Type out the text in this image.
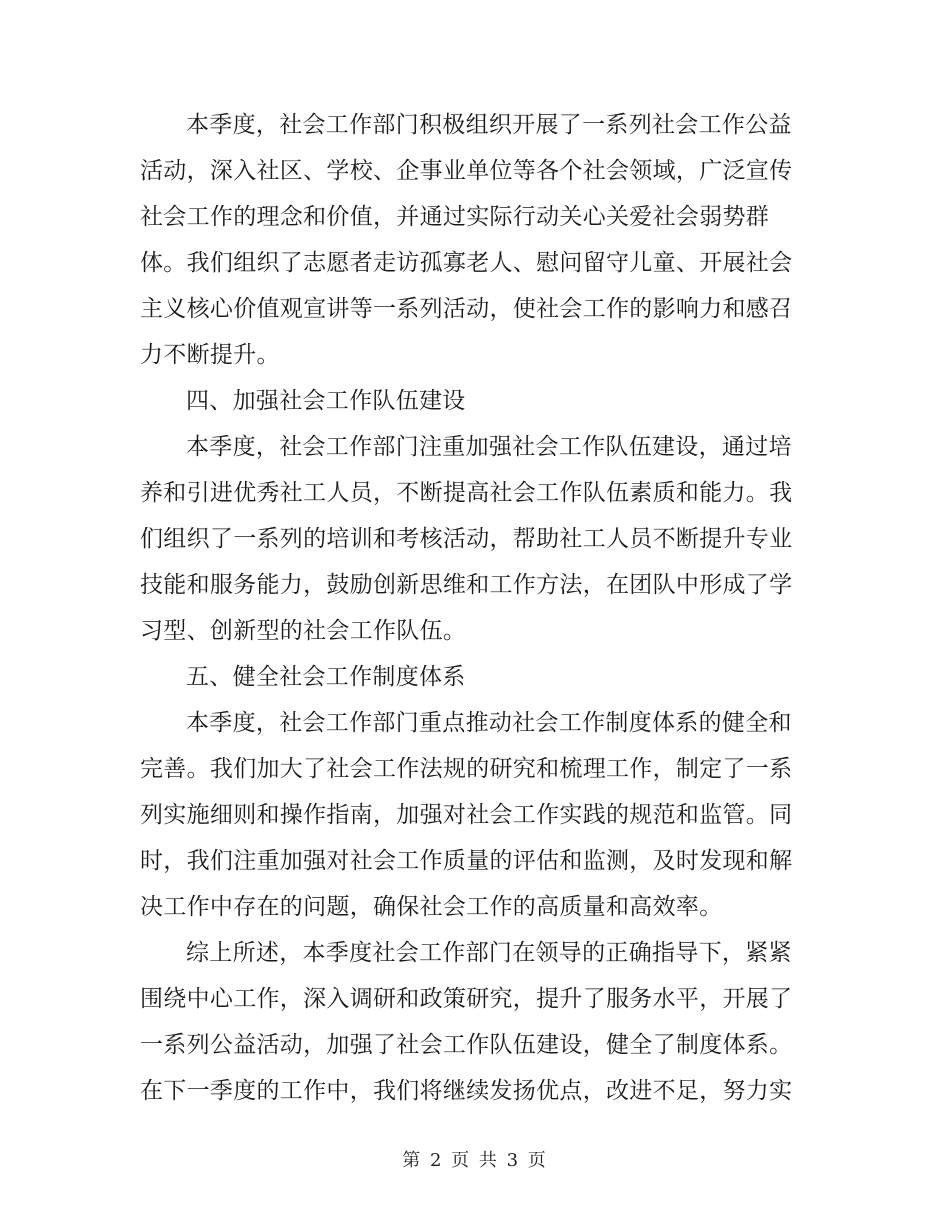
本季度，社会工作部门积极组织开展了一系列社会工作公益
活动，深入社区、学校、企事业单位等各个社会领域，广泛宣传
社会工作的理念和价值，并通过实际行动关心关爱社会弱势群
体。我们组织了志愿者走访孤寡老人、慰问留守儿童、开展社会
主义核心价值观宣讲等一系列活动，使社会工作的影响力和感召
力不断提升。
四、加强社会工作队伍建设
本季度，社会工作部门注重加强社会工作队伍建设，通过培
养和引进优秀社工人员，不断提高社会工作队伍素质和能力。我
们组织了一系列的培训和考核活动，帮助社工人员不断提升专业
技能和服务能力，鼓励创新思维和工作方法，在团队中形成了学
习型、创新型的社会工作队伍。
五、健全社会工作制度体系
本季度，社会工作部门重点推动社会工作制度体系的健全和
完善。我们加大了社会工作法规的研究和梳理工作，制定了一系
列实施细则和操作指南，加强对社会工作实践的规范和监管。同
时，我们注重加强对社会工作质量的评估和监测，及时发现和解
决工作中存在的问题，确保社会工作的高质量和高效率。
综上所述，本季度社会工作部门在领导的正确指导下，紧紧
围绕中心工作，深入调研和政策研究，提升了服务水平，开展了
一系列公益活动，加强了社会工作队伍建设，健全了制度体系。
在下一季度的工作中，我们将继续发扬优点，改进不足，努力实
第 2 页 共 3 页
